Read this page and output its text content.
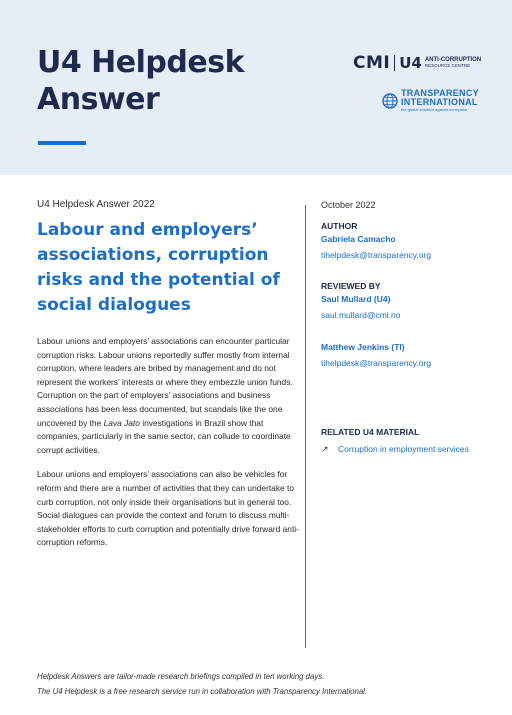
U4 Helpdesk
Answer
CMI U4 ANTI-CORRUPTION
RESOURCE CENTRE
TRANSPARENCY
INTERNATIONAL
the global coalition against corruption
U4 Helpdesk Answer 2022
Labour and employers’
associations, corruption
risks and the potential of
social dialogues

Labour unions and employers’ associations can encounter particular corruption risks. Labour unions reportedly suffer mostly from internal corruption, where leaders are bribed by management and do not represent the workers’ interests or where they embezzle union funds. Corruption on the part of employers’ associations and business associations has been less documented, but scandals like the one uncovered by the Lava Jato investigations in Brazil show that companies, particularly in the same sector, can collude to coordinate corrupt activities.

Labour unions and employers’ associations can also be vehicles for reform and there are a number of activities that they can undertake to curb corruption, not only inside their organisations but in general too. Social dialogues can provide the context and forum to discuss multi-stakeholder efforts to curb corruption and potentially drive forward anti-corruption reforms.

October 2022
AUTHOR
Gabriela Camacho
tihelpdesk@transparency.org
REVIEWED BY
Saul Mullard (U4)
saul.mullard@cmi.no
Matthew Jenkins (TI)
tihelpdesk@transparency.org
RELATED U4 MATERIAL
↗ Corruption in employment services
Helpdesk Answers are tailor-made research briefings compiled in ten working days.
The U4 Helpdesk is a free research service run in collaboration with Transparency International.
